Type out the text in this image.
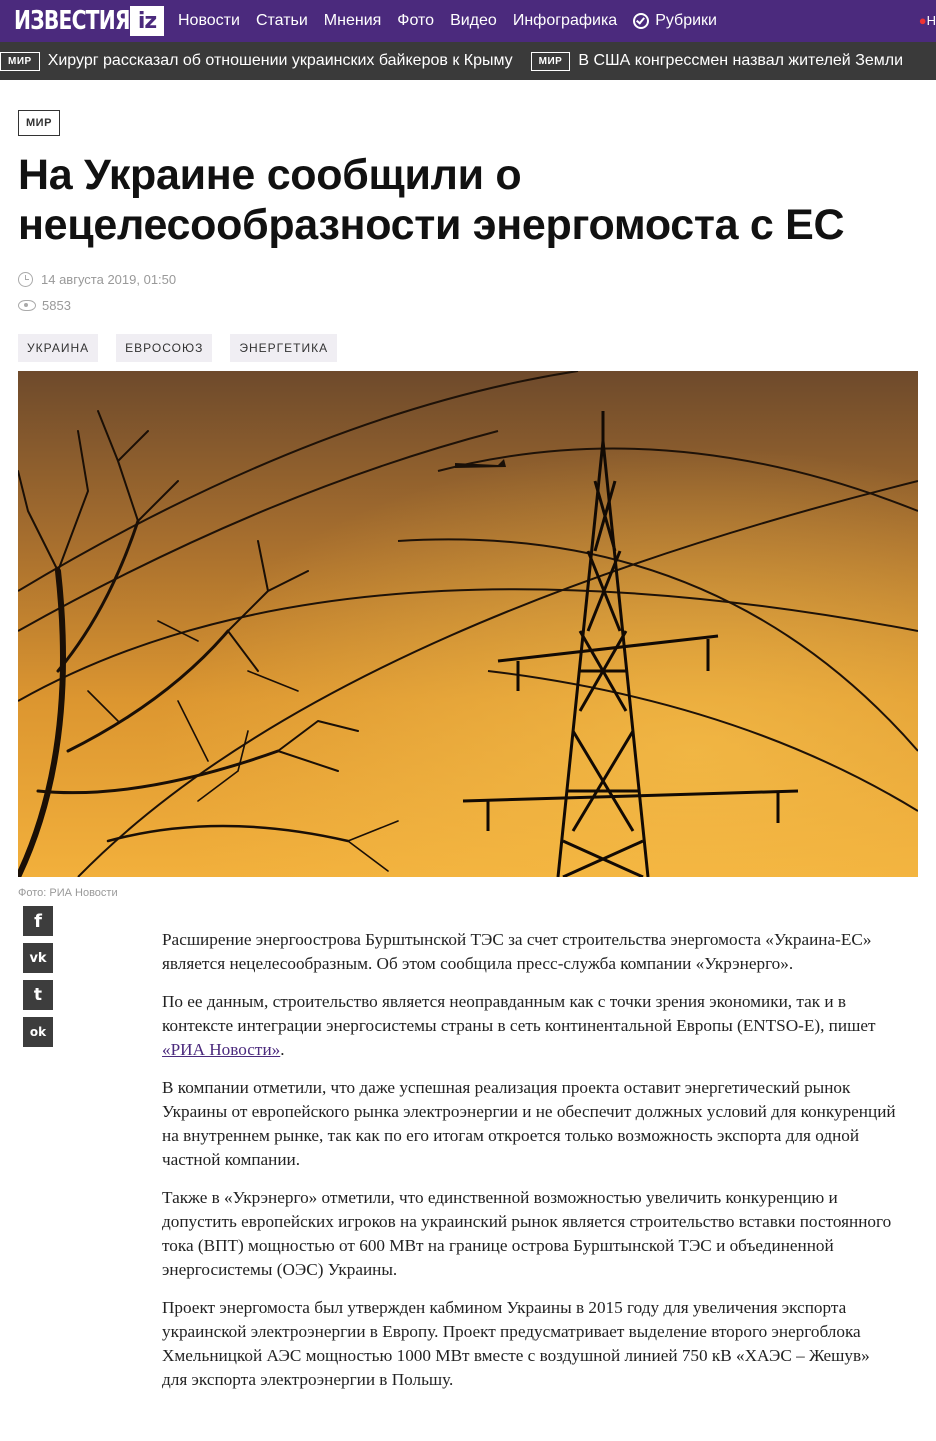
ИЗВЕСТИЯ iz	Новости Статьи Мнения Фото Видео Инфографика Рубрики	●Н
МИР	Хирург рассказал об отношении украинских байкеров к Крыму	МИР	В США конгрессмен назвал жителей Земли
МИР
На Украине сообщили о нецелесообразности энергомоста с ЕС
14 августа 2019, 01:50
5853
УКРАИНА	ЕВРОСОЮЗ	ЭНЕРГЕТИКА
Фото: РИА Новости
f
vk
t
ok

Расширение энергоострова Бурштынской ТЭС за счет строительства энергомоста «Украина-ЕС» является нецелесообразным. Об этом сообщила пресс-служба компании «Укрэнерго».

По ее данным, строительство является неоправданным как с точки зрения экономики, так и в контексте интеграции энергосистемы страны в сеть континентальной Европы (ENTSO-E), пишет «РИА Новости».

В компании отметили, что даже успешная реализация проекта оставит энергетический рынок Украины от европейского рынка электроэнергии и не обеспечит должных условий для конкуренций на внутреннем рынке, так как по его итогам откроется только возможность экспорта для одной частной компании.

Также в «Укрэнерго» отметили, что единственной возможностью увеличить конкуренцию и допустить европейских игроков на украинский рынок является строительство вставки постоянного тока (ВПТ) мощностью от 600 МВт на границе острова Бурштынской ТЭС и объединенной энергосистемы (ОЭС) Украины.

Проект энергомоста был утвержден кабмином Украины в 2015 году для увеличения экспорта украинской электроэнергии в Европу. Проект предусматривает выделение второго энергоблока Хмельницкой АЭС мощностью 1000 МВт вместе с воздушной линией 750 кВ «ХАЭС – Жешув» для экспорта электроэнергии в Польшу.
